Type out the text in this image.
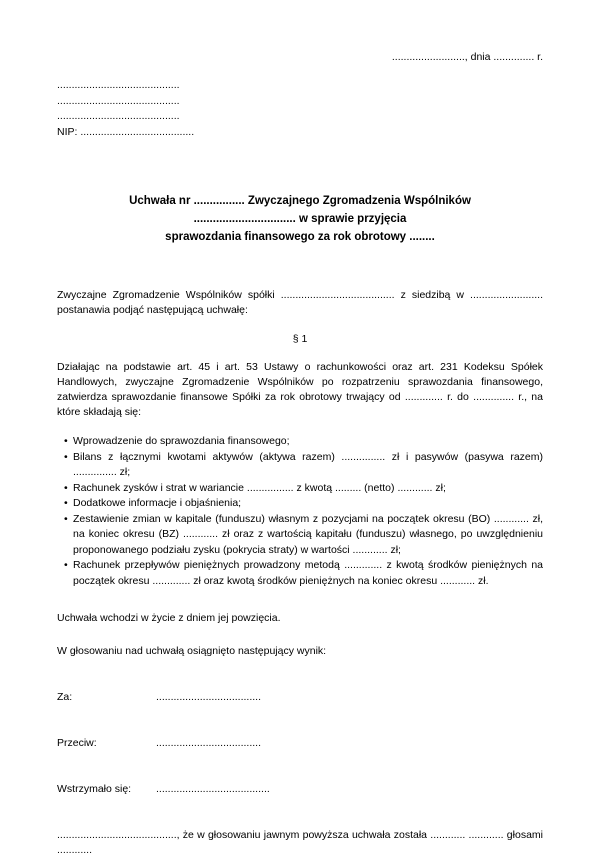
........................., dnia .............. r.
..........................................
..........................................
..........................................
NIP: .......................................
Uchwała nr ................ Zwyczajnego Zgromadzenia Wspólników
................................ w sprawie przyjęcia
sprawozdania finansowego za rok obrotowy ........
Zwyczajne Zgromadzenie Wspólników spółki ....................................... z siedzibą w ......................... postanawia podjąć następującą uchwałę:
§ 1
Działając na podstawie art. 45 i art. 53 Ustawy o rachunkowości oraz art. 231 Kodeksu Spółek Handlowych, zwyczajne Zgromadzenie Wspólników po rozpatrzeniu sprawozdania finansowego, zatwierdza sprawozdanie finansowe Spółki za rok obrotowy trwający od ............. r. do .............. r., na które składają się:
• Wprowadzenie do sprawozdania finansowego;
• Bilans z łącznymi kwotami aktywów (aktywa razem) ............... zł i pasywów (pasywa razem) ............... zł;
• Rachunek zysków i strat w wariancie ................ z kwotą ......... (netto) ............ zł;
• Dodatkowe informacje i objaśnienia;
• Zestawienie zmian w kapitale (funduszu) własnym z pozycjami na początek okresu (BO) ............ zł, na koniec okresu (BZ) ............ zł oraz z wartością kapitału (funduszu) własnego, po uwzględnieniu proponowanego podziału zysku (pokrycia straty) w wartości ............ zł;
• Rachunek przepływów pieniężnych prowadzony metodą ............. z kwotą środków pieniężnych na początek okresu ............. zł oraz kwotą środków pieniężnych na koniec okresu ............ zł.
Uchwała wchodzi w życie z dniem jej powzięcia.
W głosowaniu nad uchwałą osiągnięto następujący wynik:
Za:	....................................
Przeciw:	....................................
Wstrzymało się:	.......................................
........................................., że w głosowaniu jawnym powyższa uchwała została ............ ............ głosami ............
